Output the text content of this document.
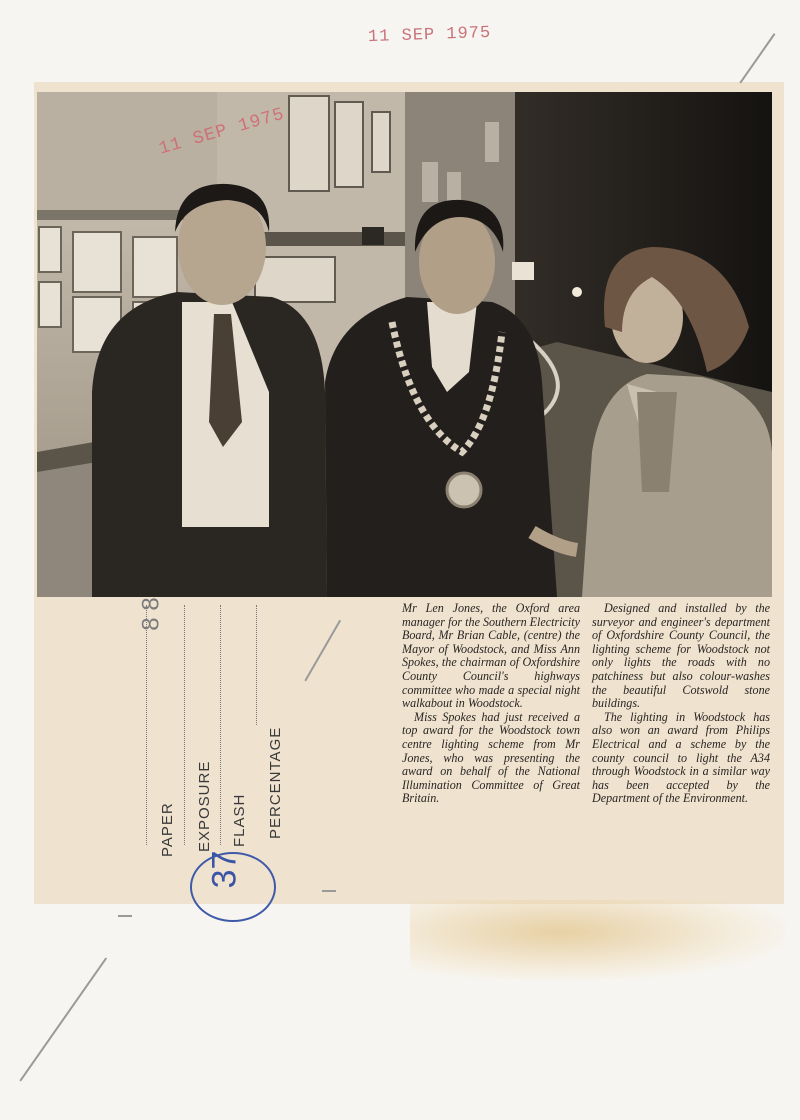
11 SEP 1975
11 SEP 1975

Mr Len Jones, the Oxford area manager for the Southern Electricity Board, Mr Brian Cable, (centre) the Mayor of Woodstock, and Miss Ann Spokes, the chairman of Oxfordshire County Council's highways committee who made a special night walkabout in Woodstock.

Miss Spokes had just received a top award for the Woodstock town centre lighting scheme from Mr Jones, who was presenting the award on behalf of the National Illumination Committee of Great Britain.

Designed and installed by the surveyor and engineer's department of Oxfordshire County Council, the lighting scheme for Woodstock not only lights the roads with no patchiness but also colour-washes the beautiful Cotswold stone buildings.

The lighting in Woodstock has also won an award from Philips Electrical and a scheme by the county council to light the A34 through Woodstock in a similar way has been accepted by the Department of the Environment.

PAPER EXPOSURE FLASH PERCENTAGE
8 8
37
